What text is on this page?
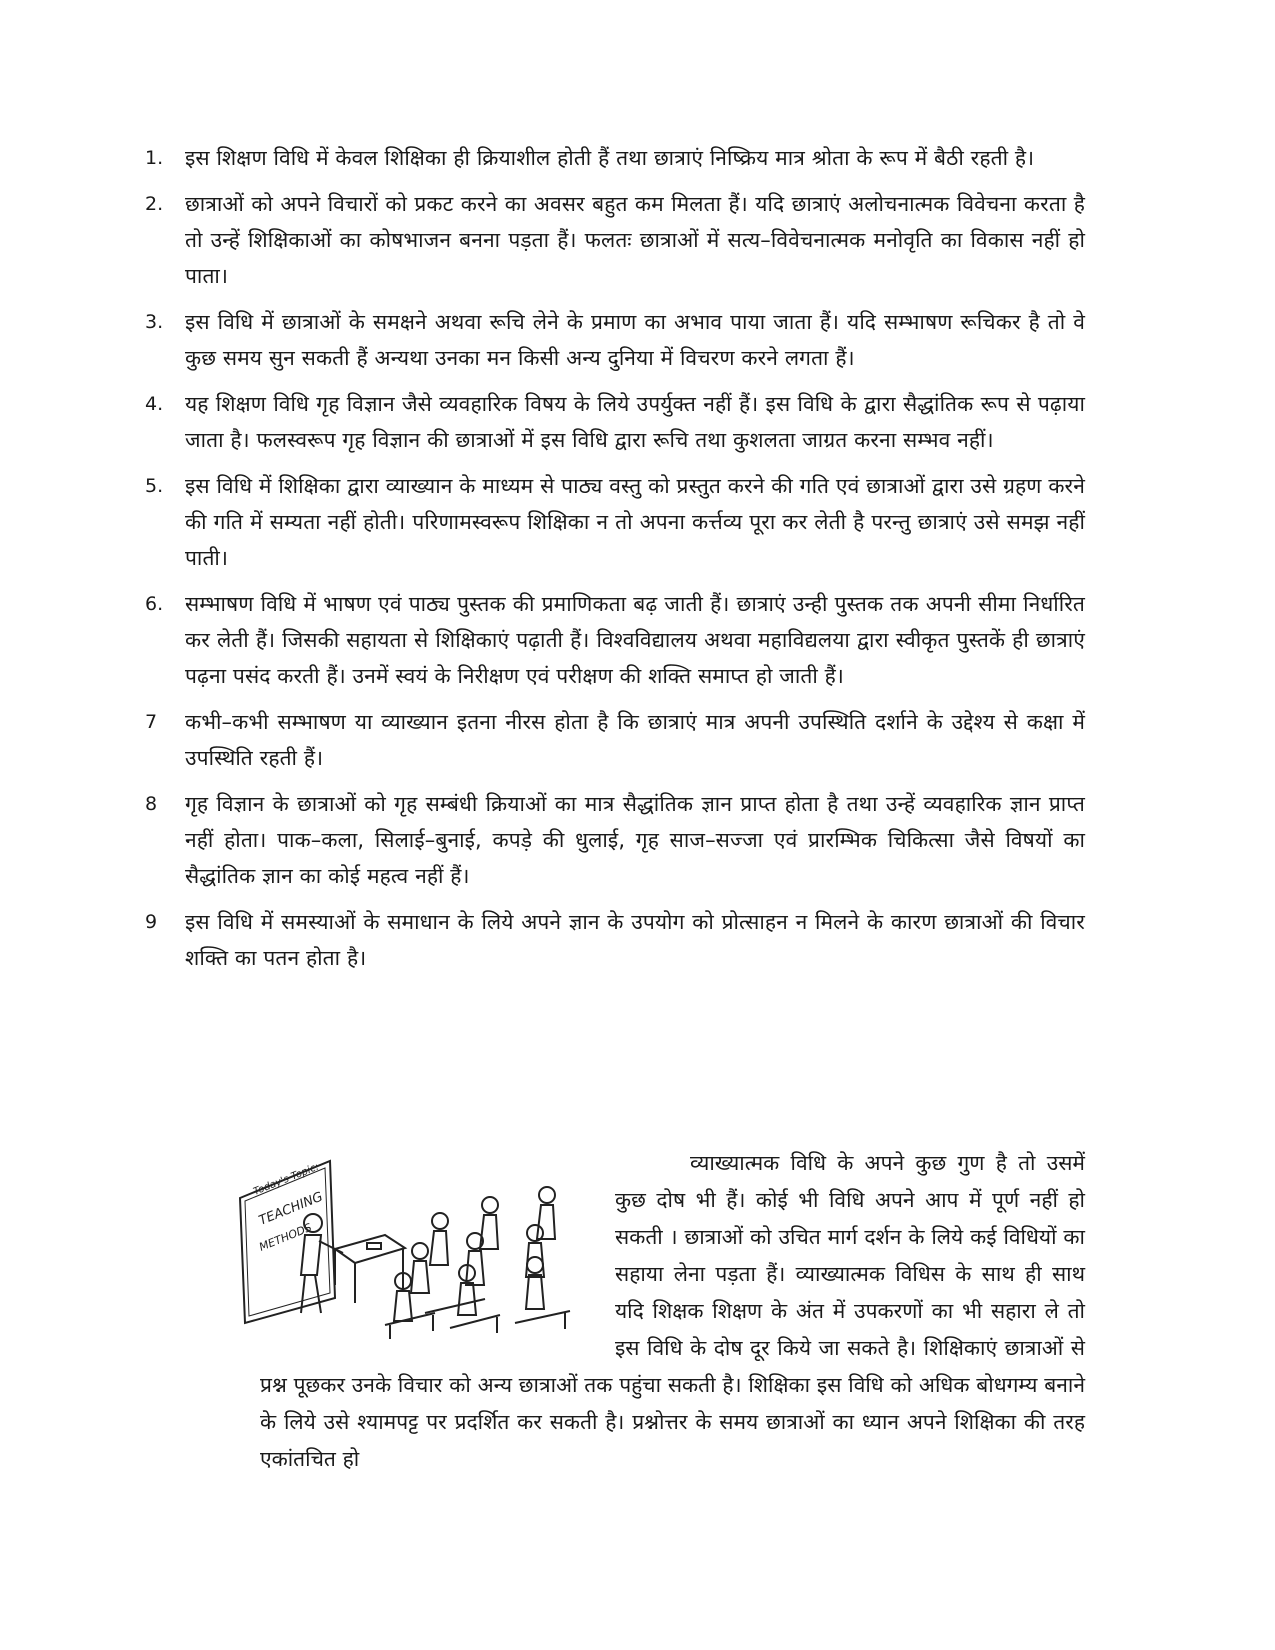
1.	इस शिक्षण विधि में केवल शिक्षिका ही क्रियाशील होती हैं तथा छात्राएं निष्क्रिय मात्र श्रोता के रूप में बैठी रहती है।
2.	छात्राओं को अपने विचारों को प्रकट करने का अवसर बहुत कम मिलता हैं। यदि छात्राएं अलोचनात्मक विवेचना करता है तो उन्हें शिक्षिकाओं का कोषभाजन बनना पड़ता हैं। फलतः छात्राओं में सत्य–विवेचनात्मक मनोवृति का विकास नहीं हो पाता।
3.	इस विधि में छात्राओं के समक्षने अथवा रूचि लेने के प्रमाण का अभाव पाया जाता हैं। यदि सम्भाषण रूचिकर है तो वे कुछ समय सुन सकती हैं अन्यथा उनका मन किसी अन्य दुनिया में विचरण करने लगता हैं।
4.	यह शिक्षण विधि गृह विज्ञान जैसे व्यवहारिक विषय के लिये उपर्युक्त नहीं हैं। इस विधि के द्वारा सैद्धांतिक रूप से पढ़ाया जाता है। फलस्वरूप गृह विज्ञान की छात्राओं में इस विधि द्वारा रूचि तथा कुशलता जाग्रत करना सम्भव नहीं।
5.	इस विधि में शिक्षिका द्वारा व्याख्यान के माध्यम से पाठ्य वस्तु को प्रस्तुत करने की गति एवं छात्राओं द्वारा उसे ग्रहण करने की गति में सम्यता नहीं होती। परिणामस्वरूप शिक्षिका न तो अपना कर्त्तव्य पूरा कर लेती है परन्तु छात्राएं उसे समझ नहीं पाती।
6.	सम्भाषण विधि में भाषण एवं पाठ्य पुस्तक की प्रमाणिकता बढ़ जाती हैं। छात्राएं उन्ही पुस्तक तक अपनी सीमा निर्धारित कर लेती हैं। जिसकी सहायता से शिक्षिकाएं पढ़ाती हैं। विश्वविद्यालय अथवा महाविद्यलया द्वारा स्वीकृत पुस्तकें ही छात्राएं पढ़ना पसंद करती हैं। उनमें स्वयं के निरीक्षण एवं परीक्षण की शक्ति समाप्त हो जाती हैं।
7	कभी–कभी सम्भाषण या व्याख्यान इतना नीरस होता है कि छात्राएं मात्र अपनी उपस्थिति दर्शाने के उद्देश्य से कक्षा में उपस्थिति रहती हैं।
8	गृह विज्ञान के छात्राओं को गृह सम्बंधी क्रियाओं का मात्र सैद्धांतिक ज्ञान प्राप्त होता है तथा उन्हें व्यवहारिक ज्ञान प्राप्त नहीं होता। पाक–कला, सिलाई–बुनाई, कपड़े की धुलाई, गृह साज–सज्जा एवं प्रारम्भिक चिकित्सा जैसे विषयों का सैद्धांतिक ज्ञान का कोई महत्व नहीं हैं।
9	इस विधि में समस्याओं के समाधान के लिये अपने ज्ञान के उपयोग को प्रोत्साहन न मिलने के कारण छात्राओं की विचार शक्ति का पतन होता है।
Today's Topic:
TEACHING
METHODS

व्याख्यात्मक विधि के अपने कुछ गुण है तो उसमें कुछ दोष भी हैं। कोई भी विधि अपने आप में पूर्ण नहीं हो सकती । छात्राओं को उचित मार्ग दर्शन के लिये कई विधियों का सहाया लेना पड़ता हैं। व्याख्यात्मक विधिस के साथ ही साथ यदि शिक्षक शिक्षण के अंत में उपकरणों का भी सहारा ले तो इस विधि के दोष दूर किये जा सकते है। शिक्षिकाएं छात्राओं से प्रश्न पूछकर उनके विचार को अन्य छात्राओं तक पहुंचा सकती है। शिक्षिका इस विधि को अधिक बोधगम्य बनाने के लिये उसे श्यामपट्ट पर प्रदर्शित कर सकती है। प्रश्नोत्तर के समय छात्राओं का ध्यान अपने शिक्षिका की तरह एकांतचित हो
